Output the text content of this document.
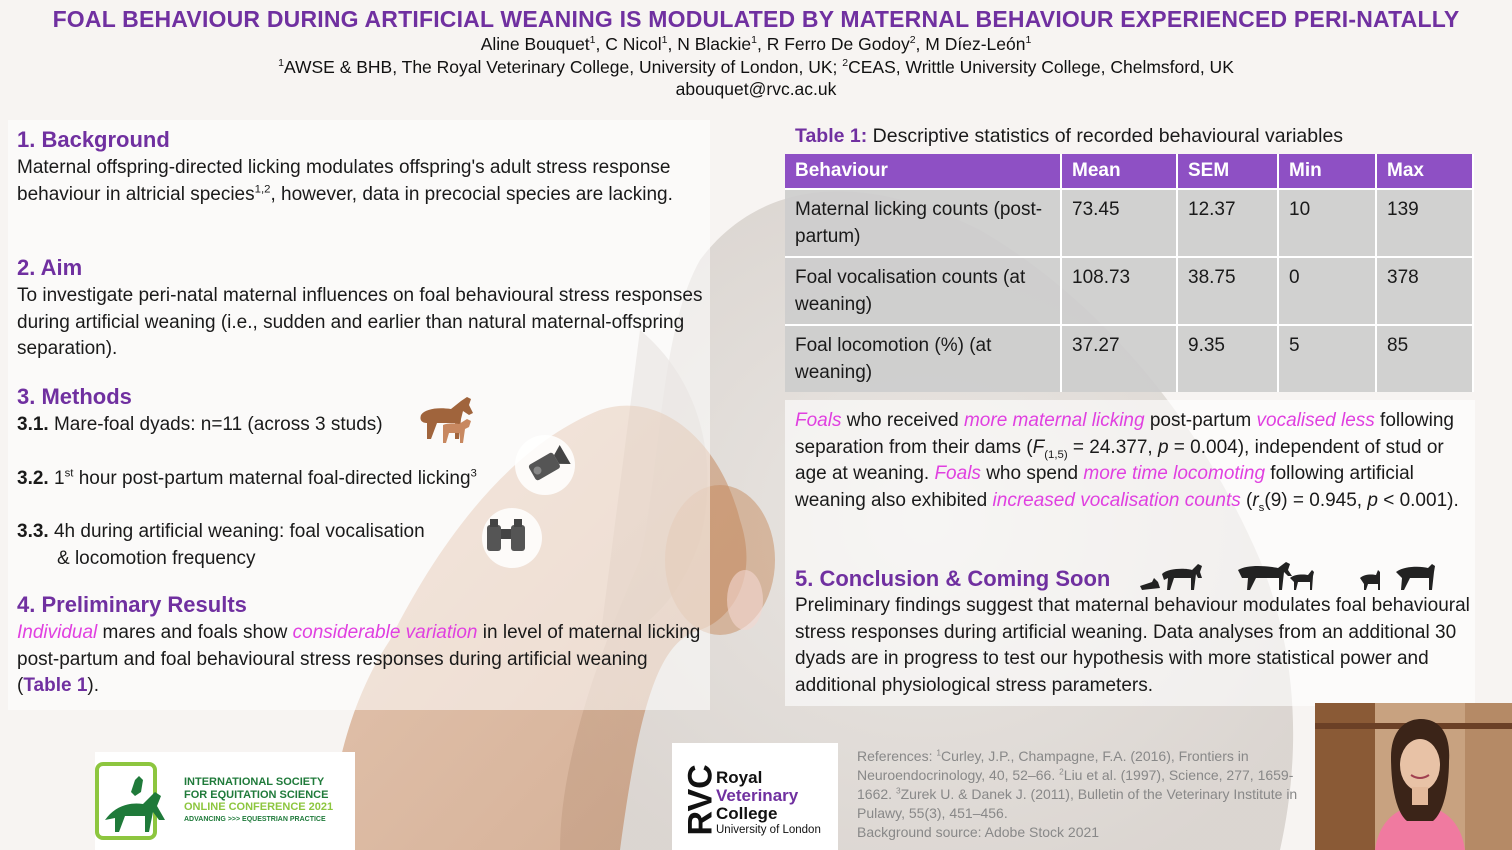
FOAL BEHAVIOUR DURING ARTIFICIAL WEANING IS MODULATED BY MATERNAL BEHAVIOUR EXPERIENCED PERI-NATALLY
Aline Bouquet$^1$, C Nicol$^1$, N Blackie$^1$, R Ferro De Godoy$^2$, M Díez-León$^1$
$^1$AWSE & BHB, The Royal Veterinary College, University of London, UK; $^2$CEAS, Writtle University College, Chelmsford, UK
abouquet@rvc.ac.uk
1. Background
Maternal offspring-directed licking modulates offspring's adult stress response behaviour in altricial species$^{1,2}$, however, data in precocial species are lacking.
2. Aim
To investigate peri-natal maternal influences on foal behavioural stress responses during artificial weaning (i.e., sudden and earlier than natural maternal-offspring separation).
3. Methods
3.1. Mare-foal dyads: n=11 (across 3 studs)
3.2. 1st hour post-partum maternal foal-directed licking$^3$
3.3. 4h during artificial weaning: foal vocalisation
& locomotion frequency
4. Preliminary Results
Individual mares and foals show considerable variation in level of maternal licking post-partum and foal behavioural stress responses during artificial weaning (Table 1).
Table 1: Descriptive statistics of recorded behavioural variables
Behaviour	Mean	SEM	Min	Max
Maternal licking counts (post-partum)	73.45	12.37	10	139
Foal vocalisation counts (at weaning)	108.73	38.75	0	378
Foal locomotion (%) (at weaning)	37.27	9.35	5	85
Foals who received more maternal licking post-partum vocalised less following separation from their dams ($F_{(1,5)} = 24.377$, p = 0.004), independent of stud or age at weaning. Foals who spend more time locomoting following artificial weaning also exhibited increased vocalisation counts ($r_s(9) = 0.945$, p < 0.001).
5. Conclusion & Coming Soon
Preliminary findings suggest that maternal behaviour modulates foal behavioural stress responses during artificial weaning. Data analyses from an additional 30 dyads are in progress to test our hypothesis with more statistical power and additional physiological stress parameters.
INTERNATIONAL SOCIETY
FOR EQUITATION SCIENCE
ONLINE CONFERENCE 2021
ADVANCING >>> EQUESTRIAN PRACTICE	RVC
Royal
Veterinary
College
University of London
References: $^1$Curley, J.P., Champagne, F.A. (2016), Frontiers in Neuroendocrinology, 40, 52–66. $^2$Liu et al. (1997), Science, 277, 1659-1662. $^3$Zurek U. & Danek J. (2011), Bulletin of the Veterinary Institute in Pulawy, 55(3), 451–456.
Background source: Adobe Stock 2021
